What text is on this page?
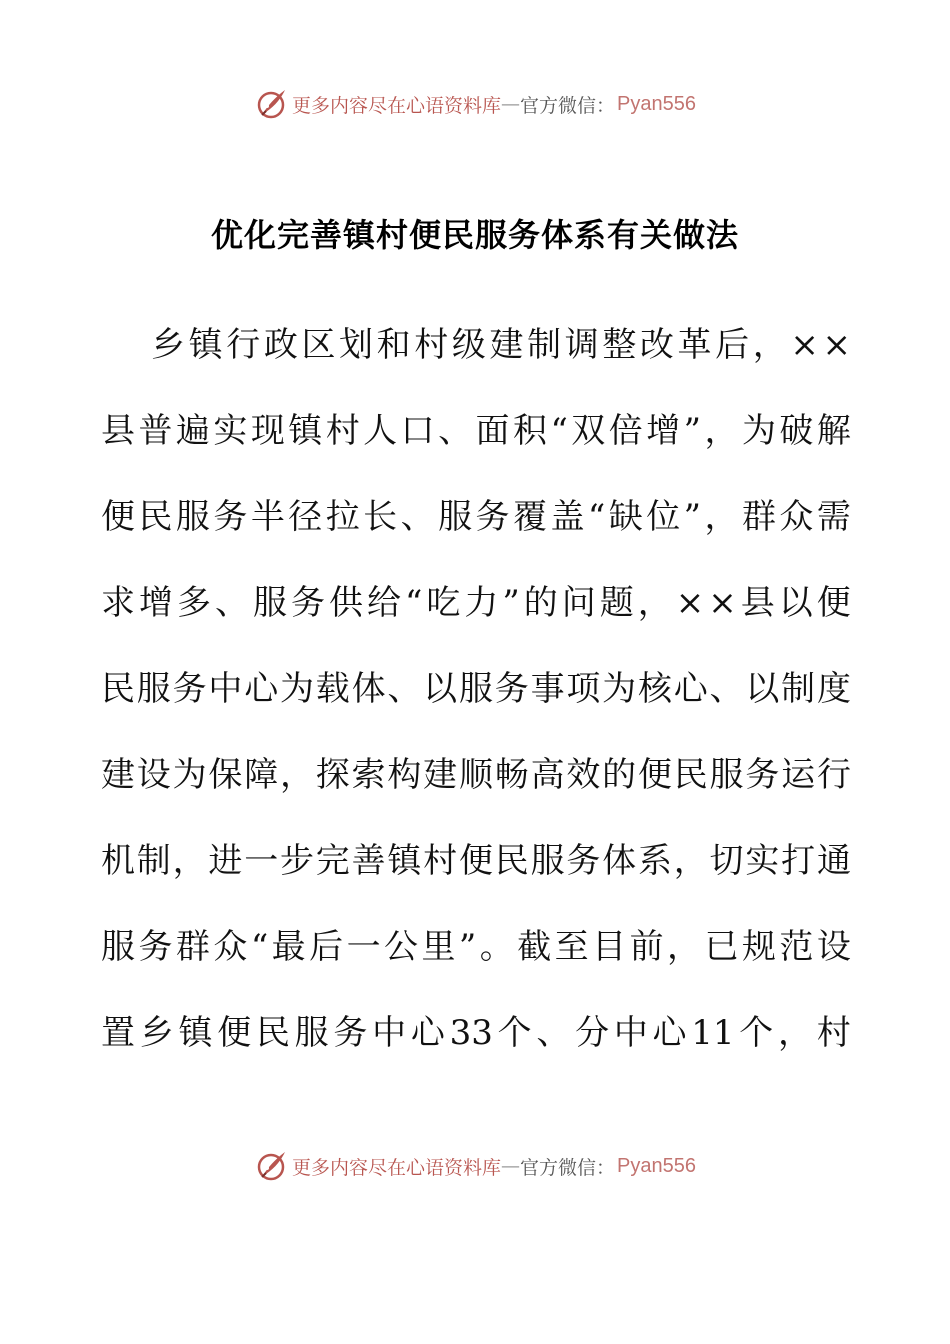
更多内容尽在心语资料库 — 官方微信： Pyan556
优化完善镇村便民服务体系有关做法
乡 镇 行 政 区 划 和 村 级 建 制 调 整 改 革 后 ， × ×
县 普 遍 实 现 镇 村 人 口 、 面 积 “ 双 倍 增 ” ， 为 破 解
便 民 服 务 半 径 拉 长 、 服 务 覆 盖 “ 缺 位 ” ， 群 众 需
求 增 多 、 服 务 供 给 “ 吃 力 ” 的 问 题 ， × × 县 以 便
民 服 务 中 心 为 载 体 、 以 服 务 事 项 为 核 心 、 以 制 度
建 设 为 保 障 ， 探 索 构 建 顺 畅 高 效 的 便 民 服 务 运 行
机 制 ， 进 一 步 完 善 镇 村 便 民 服 务 体 系 ， 切 实 打 通
服 务 群 众 “ 最 后 一 公 里 ” 。 截 至 目 前 ， 已 规 范 设
置 乡 镇 便 民 服 务 中 心 33 个 、 分 中 心 11 个 ， 村
更多内容尽在心语资料库 — 官方微信： Pyan556
